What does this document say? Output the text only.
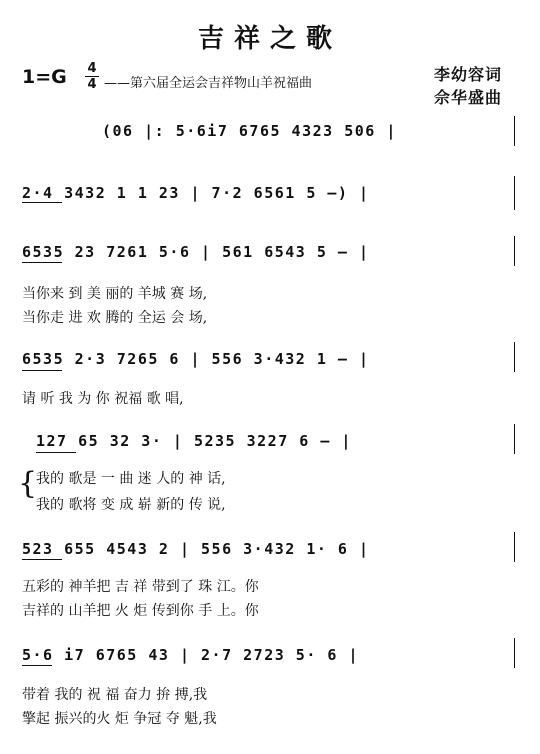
吉祥之歌
1=G 4
4 ——第六届全运会吉祥物山羊祝福曲	李幼容词
佘华盛曲
(06 |: 5·6i7 6765 4323 506 |
2·4 3432 1 1 23 | 7·2 6561 5 —) |
6535 23 7261 5·6 | 561 6543 5 — |
当你来 到 美 丽的 羊城 赛 场,
当你走 进 欢 腾的 全运 会 场,
6535 2·3 7265 6 | 556 3·432 1 — |
请 听 我 为 你 祝福 歌 唱,
127 65 32 3· | 5235 3227 6 — |
{
我的 歌是 一 曲 迷 人的 神 话,
我的 歌将 变 成 崭 新的 传 说,
523 655 4543 2 | 556 3·432 1· 6 |
五彩的 神羊把 吉 祥 带到了 珠 江。你
吉祥的 山羊把 火 炬 传到你 手 上。你
5·6 i7 6765 43 | 2·7 2723 5· 6 |
带着 我的 祝 福 奋力 拚 搏,我
擎起 振兴的火 炬 争冠 夺 魁,我
